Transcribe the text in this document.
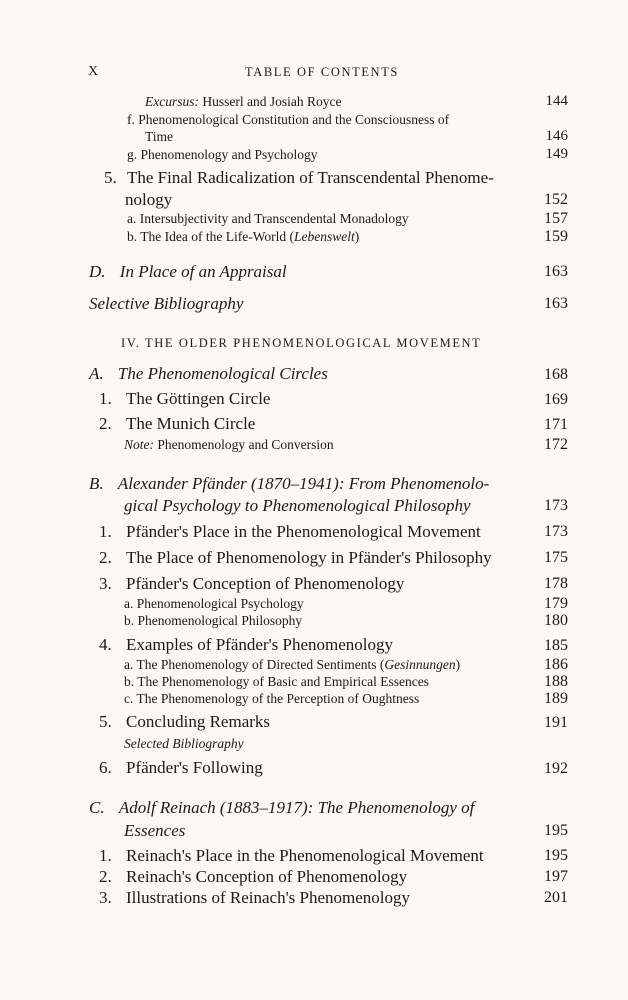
X	TABLE OF CONTENTS
Excursus: Husserl and Josiah Royce	144
f. Phenomenological Constitution and the Consciousness of
Time	146
g. Phenomenology and Psychology	149
5. The Final Radicalization of Transcendental Phenome-
nology	152
a. Intersubjectivity and Transcendental Monadology	157
b. The Idea of the Life-World (Lebenswelt)	159
D. In Place of an Appraisal	163
Selective Bibliography	163
IV. THE OLDER PHENOMENOLOGICAL MOVEMENT
A. The Phenomenological Circles	168
1. The Göttingen Circle	169
2. The Munich Circle	171
Note: Phenomenology and Conversion	172
B. Alexander Pfänder (1870–1941): From Phenomenolo-
gical Psychology to Phenomenological Philosophy	173
1. Pfänder's Place in the Phenomenological Movement	173
2. The Place of Phenomenology in Pfänder's Philosophy	175
3. Pfänder's Conception of Phenomenology	178
a. Phenomenological Psychology	179
b. Phenomenological Philosophy	180
4. Examples of Pfänder's Phenomenology	185
a. The Phenomenology of Directed Sentiments (Gesinnungen)	186
b. The Phenomenology of Basic and Empirical Essences	188
c. The Phenomenology of the Perception of Oughtness	189
5. Concluding Remarks	191
Selected Bibliography
6. Pfänder's Following	192
C. Adolf Reinach (1883–1917): The Phenomenology of
Essences	195
1. Reinach's Place in the Phenomenological Movement	195
2. Reinach's Conception of Phenomenology	197
3. Illustrations of Reinach's Phenomenology	201
